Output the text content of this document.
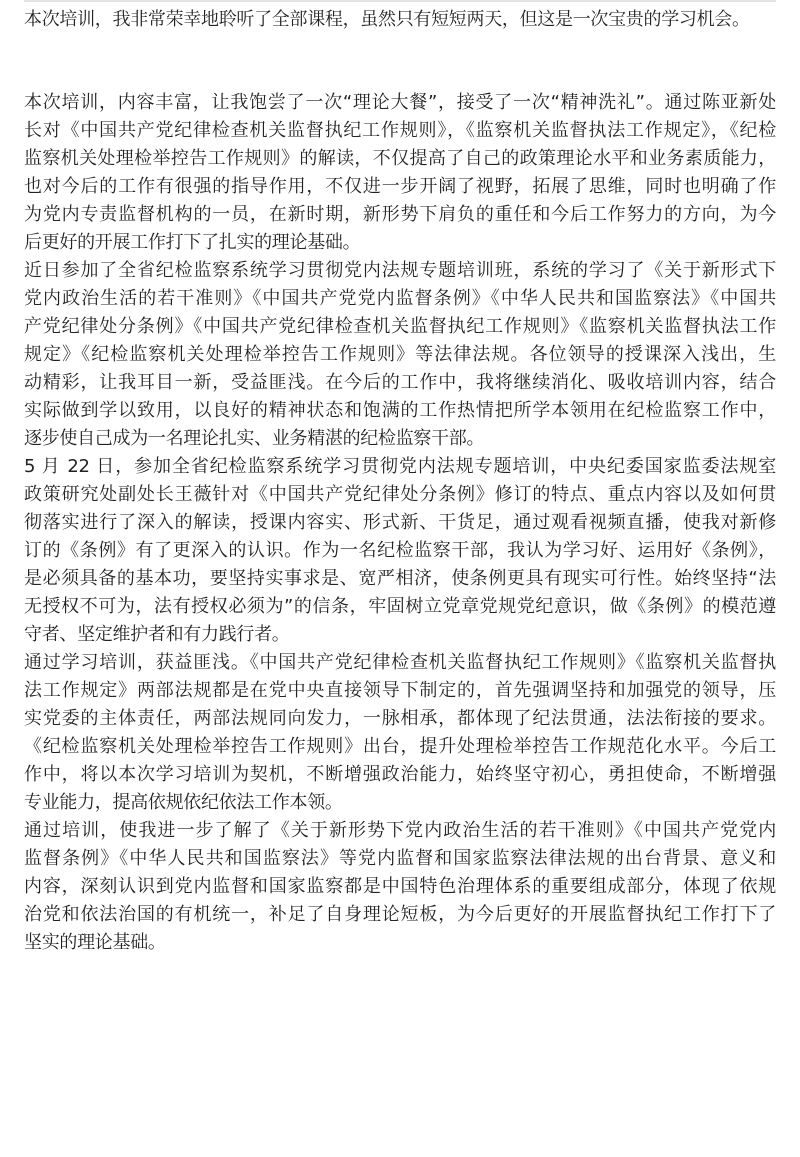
本次培训，我非常荣幸地聆听了全部课程，虽然只有短短两天，但这是一次宝贵的学习机会。
本次培训，内容丰富，让我饱尝了一次“理论大餐”，接受了一次“精神洗礼”。通过陈亚新处
长对《中国共产党纪律检查机关监督执纪工作规则》，《监察机关监督执法工作规定》，《纪检
监察机关处理检举控告工作规则》的解读，不仅提高了自己的政策理论水平和业务素质能力，
也对今后的工作有很强的指导作用，不仅进一步开阔了视野，拓展了思维，同时也明确了作
为党内专责监督机构的一员，在新时期，新形势下肩负的重任和今后工作努力的方向，为今
后更好的开展工作打下了扎实的理论基础。
近日参加了全省纪检监察系统学习贯彻党内法规专题培训班，系统的学习了《关于新形式下
党内政治生活的若干准则》《中国共产党党内监督条例》《中华人民共和国监察法》《中国共
产党纪律处分条例》《中国共产党纪律检查机关监督执纪工作规则》《监察机关监督执法工作
规定》《纪检监察机关处理检举控告工作规则》等法律法规。各位领导的授课深入浅出，生
动精彩，让我耳目一新，受益匪浅。在今后的工作中，我将继续消化、吸收培训内容，结合
实际做到学以致用，以良好的精神状态和饱满的工作热情把所学本领用在纪检监察工作中，
逐步使自己成为一名理论扎实、业务精湛的纪检监察干部。
5 月 22 日，参加全省纪检监察系统学习贯彻党内法规专题培训，中央纪委国家监委法规室
政策研究处副处长王薇针对《中国共产党纪律处分条例》修订的特点、重点内容以及如何贯
彻落实进行了深入的解读，授课内容实、形式新、干货足，通过观看视频直播，使我对新修
订的《条例》有了更深入的认识。作为一名纪检监察干部，我认为学习好、运用好《条例》，
是必须具备的基本功，要坚持实事求是、宽严相济，使条例更具有现实可行性。始终坚持“法
无授权不可为，法有授权必须为”的信条，牢固树立党章党规党纪意识，做《条例》的模范遵
守者、坚定维护者和有力践行者。
通过学习培训，获益匪浅。《中国共产党纪律检查机关监督执纪工作规则》《监察机关监督执
法工作规定》两部法规都是在党中央直接领导下制定的，首先强调坚持和加强党的领导，压
实党委的主体责任，两部法规同向发力，一脉相承，都体现了纪法贯通，法法衔接的要求。
《纪检监察机关处理检举控告工作规则》出台，提升处理检举控告工作规范化水平。今后工
作中，将以本次学习培训为契机，不断增强政治能力，始终坚守初心，勇担使命，不断增强
专业能力，提高依规依纪依法工作本领。
通过培训，使我进一步了解了《关于新形势下党内政治生活的若干准则》《中国共产党党内
监督条例》《中华人民共和国监察法》等党内监督和国家监察法律法规的出台背景、意义和
内容，深刻认识到党内监督和国家监察都是中国特色治理体系的重要组成部分，体现了依规
治党和依法治国的有机统一，补足了自身理论短板，为今后更好的开展监督执纪工作打下了
坚实的理论基础。
